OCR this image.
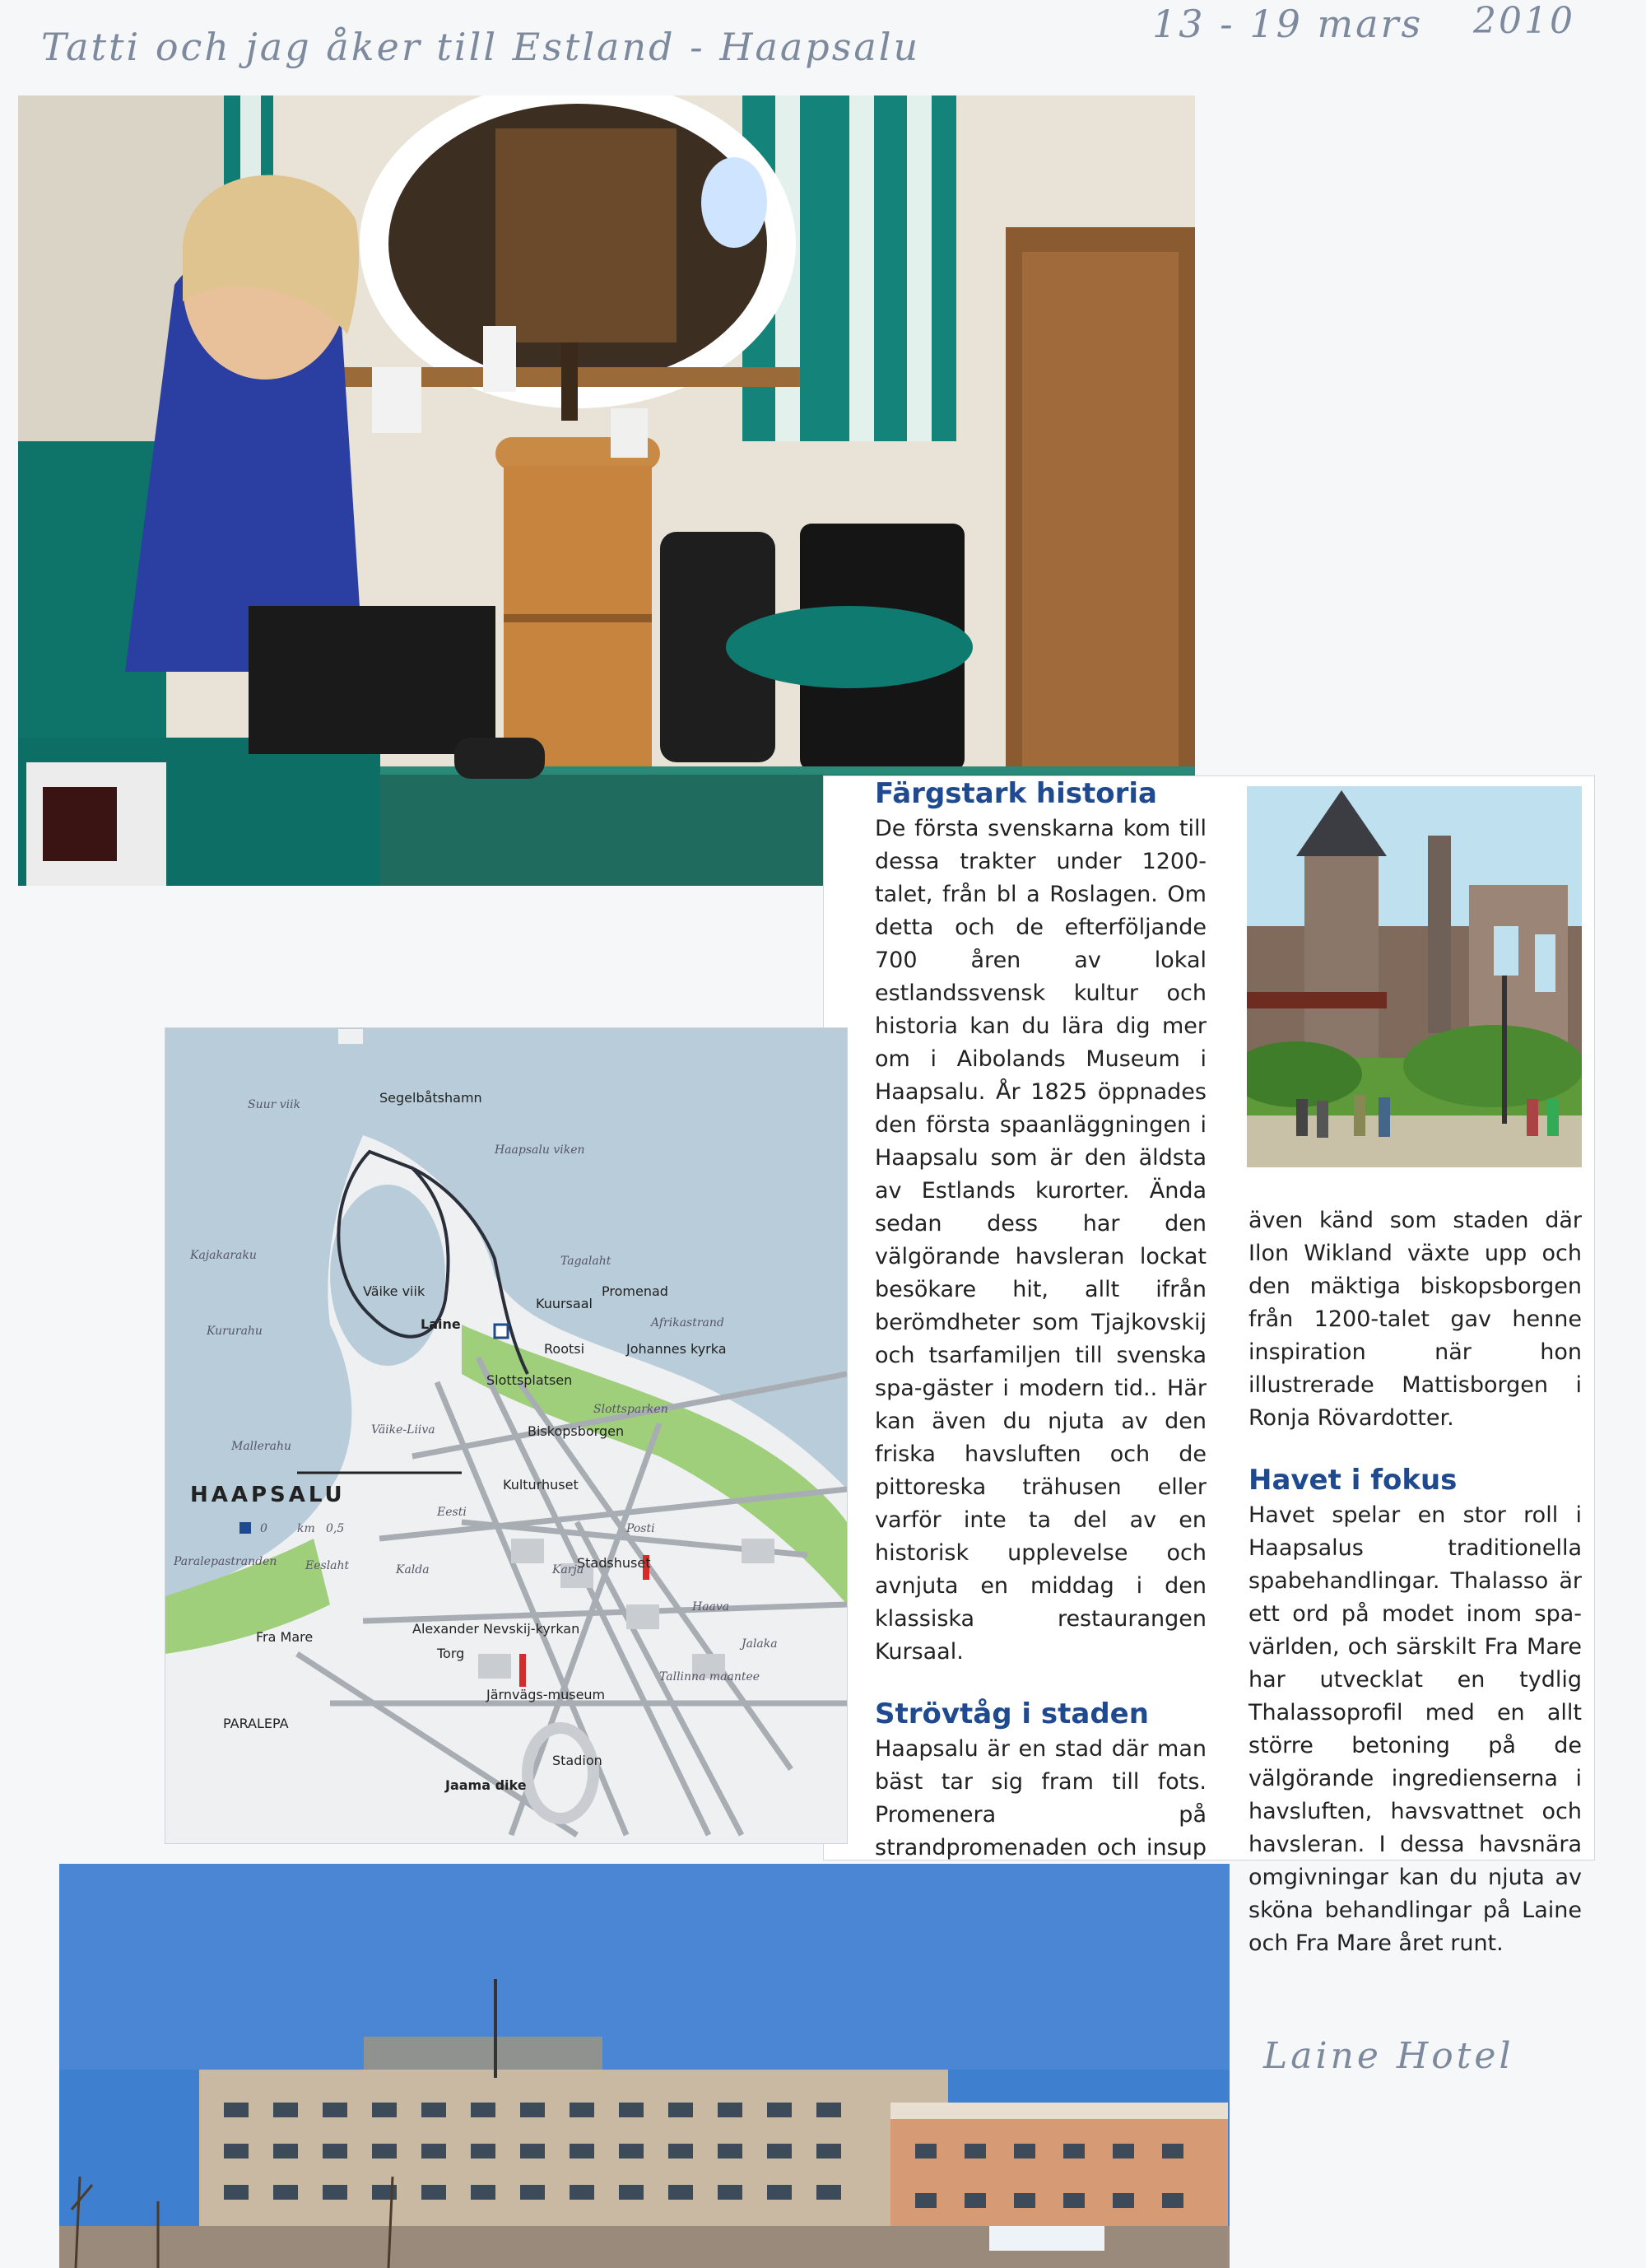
Tatti och jag åker till Estland - Haapsalu
13 - 19 mars 2010
Färgstark historia

De första svenskarna kom till dessa trakter under 1200-talet, från bl a Roslagen. Om detta och de efterföljande 700 åren av lokal estlandssvensk kultur och historia kan du lära dig mer om i Aibolands Museum i Haapsalu. År 1825 öppnades den första spaanläggningen i Haapsalu som är den äldsta av Estlands kurorter. Ända sedan dess har den välgörande havsleran lockat besökare hit, allt ifrån berömdheter som Tjajkovskij och tsarfamiljen till svenska spa-gäster i modern tid.. Här kan även du njuta av den friska havsluften och de pittoreska trähusen eller varför inte ta del av en historisk upplevelse och avnjuta en middag i den klassiska restaurangen Kursaal.

Strövtåg i staden

Haapsalu är en stad där man bäst tar sig fram till fots. Promenera på strandpromenaden och insup

även känd som staden där Ilon Wikland växte upp och den mäktiga biskopsborgen från 1200-talet gav henne inspiration när hon illustrerade Mattisborgen i Ronja Rövardotter.

Havet i fokus

Havet spelar en stor roll i Haapsalus traditionella spabehandlingar. Thalasso är ett ord på modet inom spa-världen, och särskilt Fra Mare har utvecklat en tydlig Thalassoprofil med en allt större betoning på de välgörande ingredienserna i havsluften, havsvattnet och havsleran. I dessa havsnära omgivningar kan du njuta av sköna behandlingar på Laine och Fra Mare året runt.

Segelbåtshamn
Suur viik
Haapsalu viken
Kajakaraku	Tagalaht
Väike viik	Promenad
Kuursaal
Laine	Afrikastrand
Kururahu
Johannes kyrka
Slottsplatsen
Slottsparken
Biskopsborgen
Mallerahu
Kulturhuset
HAAPSALU
0	km 0,5
Stadshuset
Paralepastranden Eeslaht
Alexander Nevskij-kyrkan
Torg
Fra Mare
Haava
Jalaka
Tallinna maantee
Järnvägs-museum
PARALEPA
Stadion
Jaama dike
Karja
Posti
Eesti
Kalda
Väike-Liiva
Rootsi
Laine Hotel
